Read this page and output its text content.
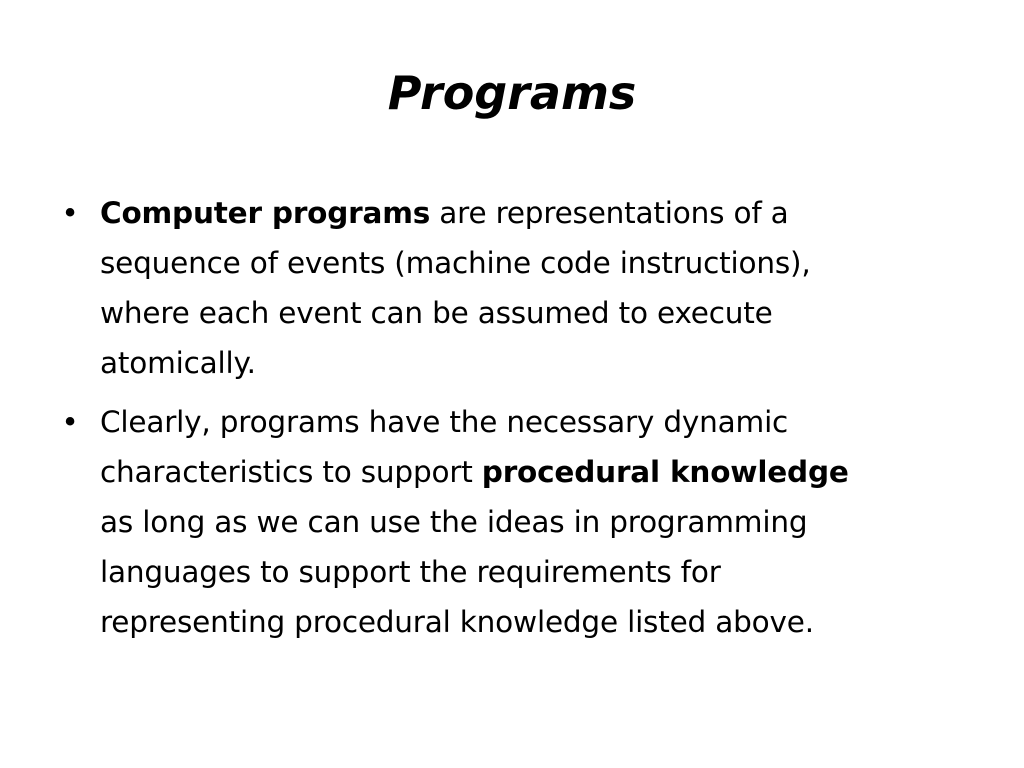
Programs
• Computer programs are representations of a
sequence of events (machine code instructions),
where each event can be assumed to execute
atomically.
• Clearly, programs have the necessary dynamic
characteristics to support procedural knowledge
as long as we can use the ideas in programming
languages to support the requirements for
representing procedural knowledge listed above.
